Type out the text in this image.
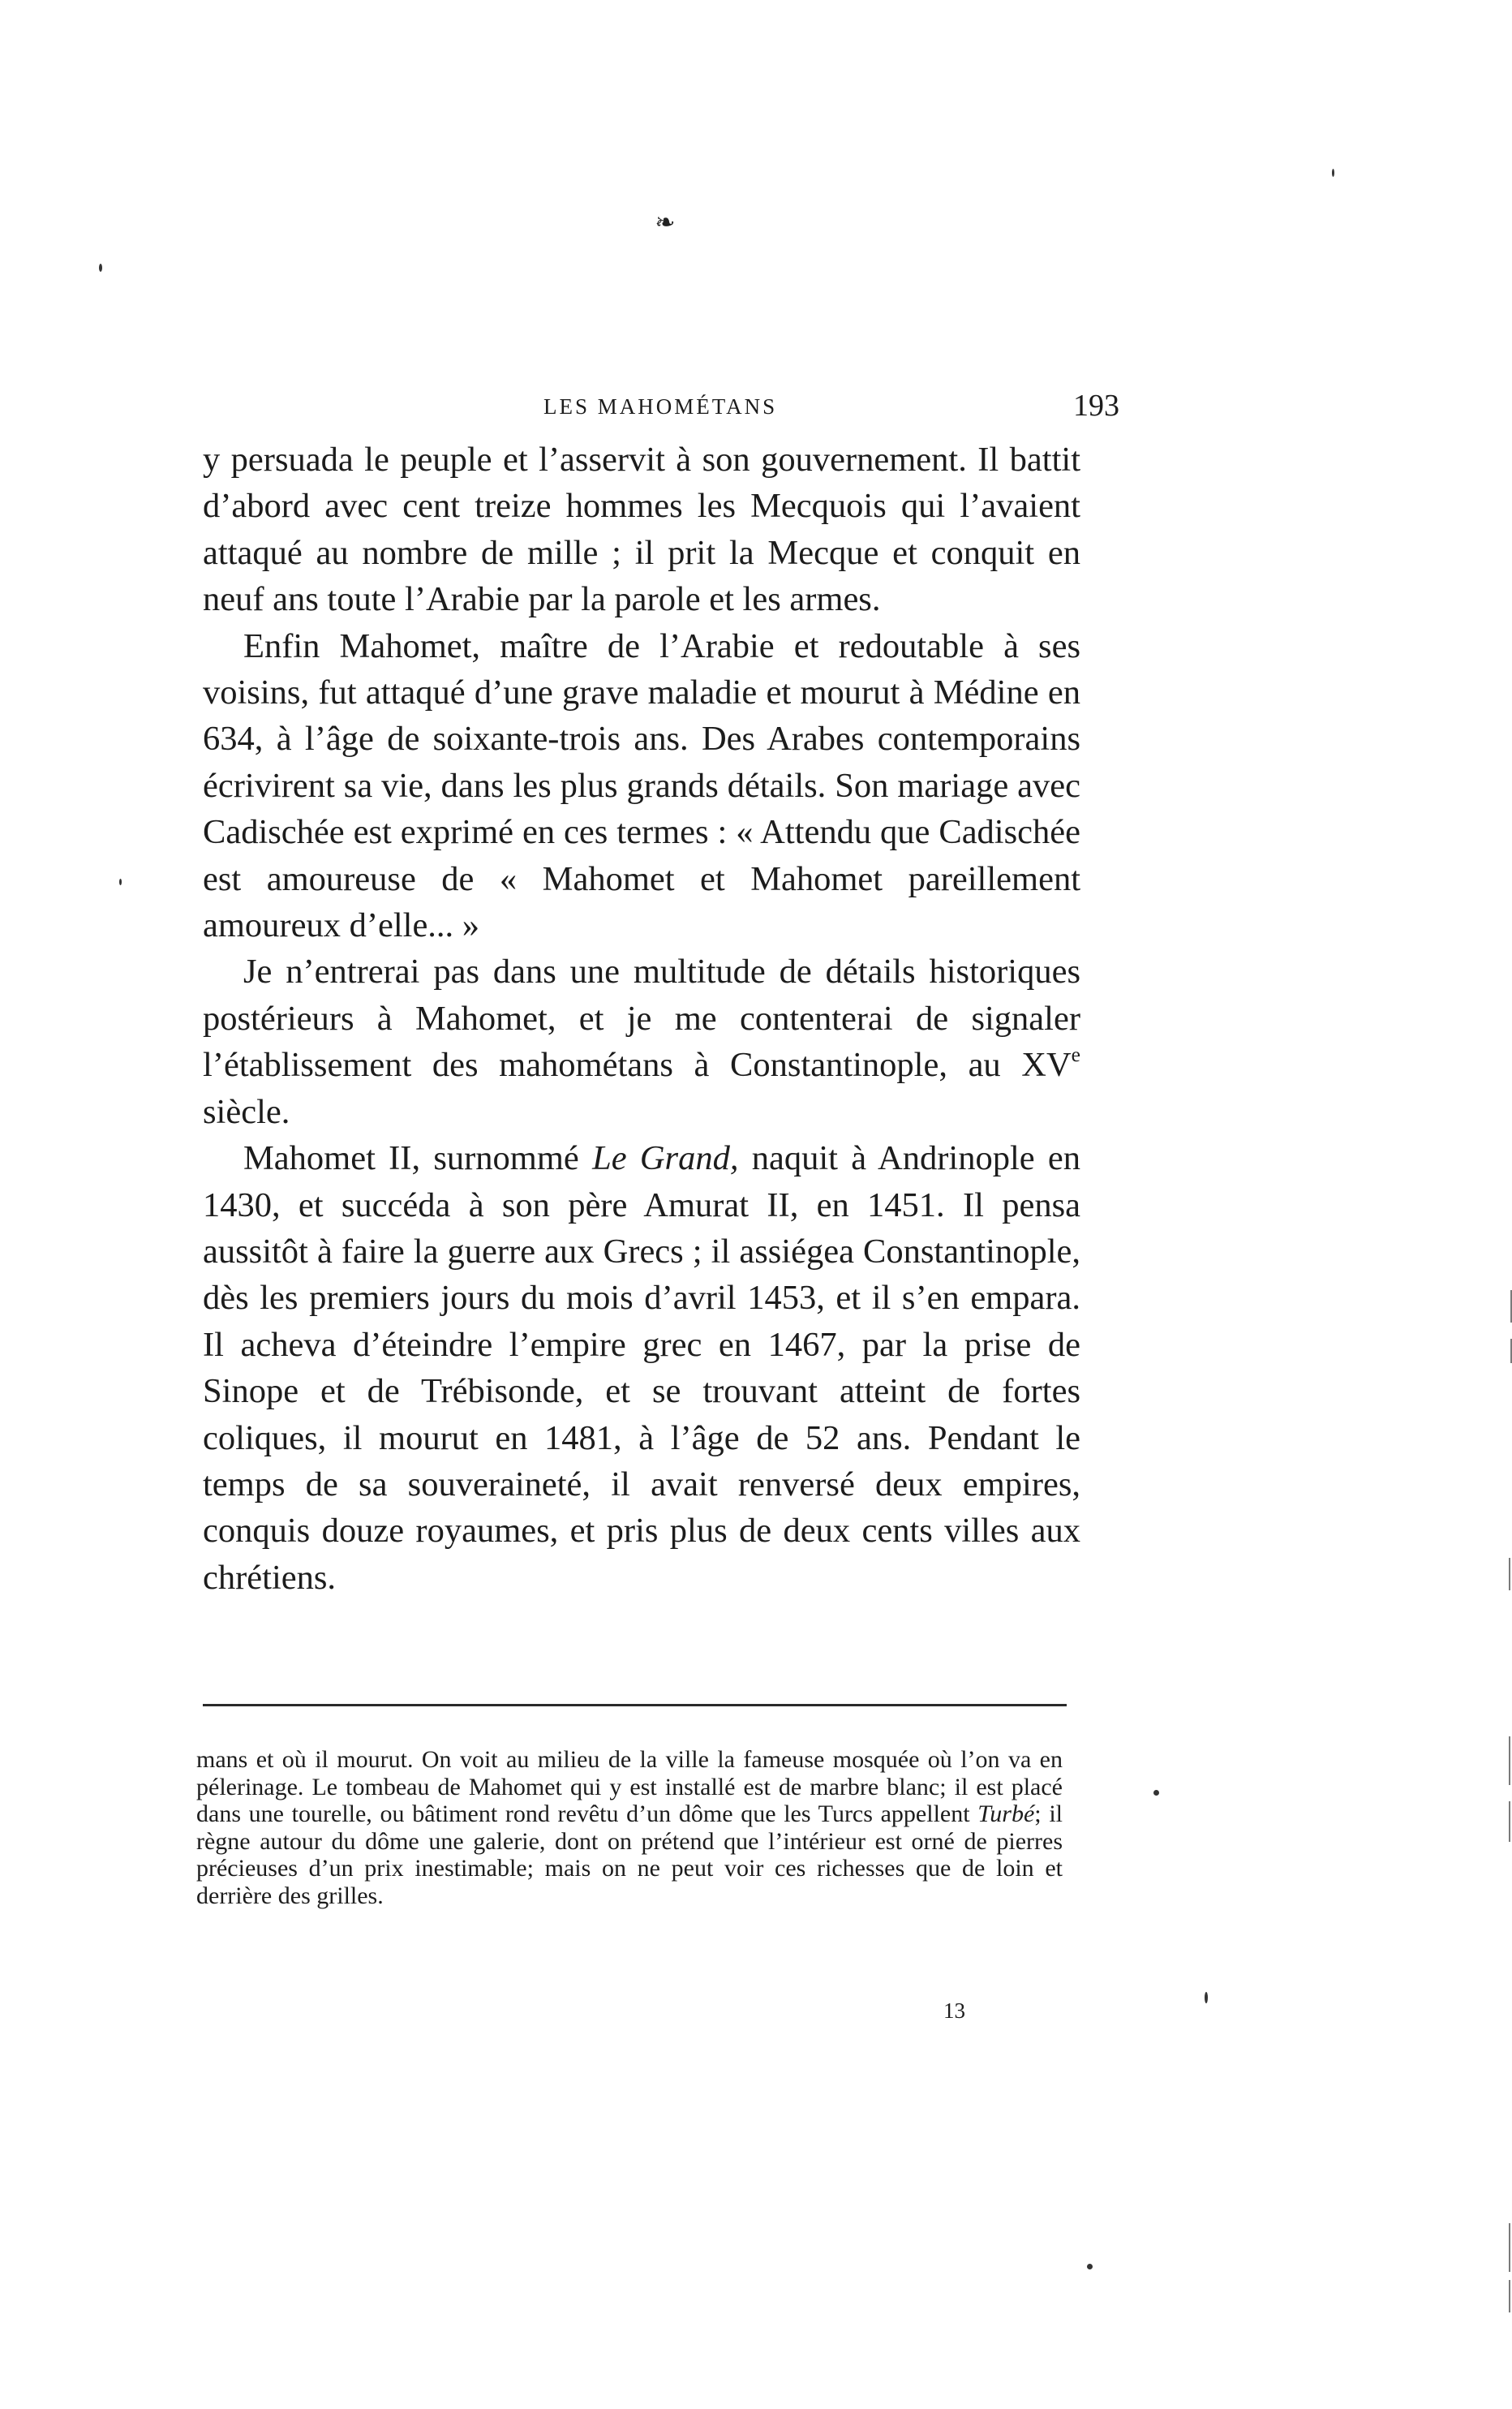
❧
LES MAHOMÉTANS	193

y persuada le peuple et l’asservit à son gouvernement. Il battit d’abord avec cent treize hommes les Mecquois qui l’avaient attaqué au nombre de mille ; il prit la Mecque et conquit en neuf ans toute l’Arabie par la parole et les armes.

Enfin Mahomet, maître de l’Arabie et redoutable à ses voisins, fut attaqué d’une grave maladie et mourut à Médine en 634, à l’âge de soixante-trois ans. Des Arabes contemporains écrivirent sa vie, dans les plus grands détails. Son mariage avec Cadischée est exprimé en ces termes : « Attendu que Cadischée est amoureuse de « Mahomet et Mahomet pareillement amoureux d’elle... »

Je n’entrerai pas dans une multitude de détails historiques postérieurs à Mahomet, et je me contenterai de signaler l’établissement des mahométans à Constantinople, au XVe siècle.

Mahomet II, surnommé Le Grand, naquit à Andrinople en 1430, et succéda à son père Amurat II, en 1451. Il pensa aussitôt à faire la guerre aux Grecs ; il assiégea Constantinople, dès les premiers jours du mois d’avril 1453, et il s’en empara. Il acheva d’éteindre l’empire grec en 1467, par la prise de Sinope et de Trébisonde, et se trouvant atteint de fortes coliques, il mourut en 1481, à l’âge de 52 ans. Pendant le temps de sa souveraineté, il avait renversé deux empires, conquis douze royaumes, et pris plus de deux cents villes aux chrétiens.

mans et où il mourut. On voit au milieu de la ville la fameuse mosquée où l’on va en pélerinage. Le tombeau de Mahomet qui y est installé est de marbre blanc; il est placé dans une tourelle, ou bâtiment rond revêtu d’un dôme que les Turcs appellent Turbé; il règne autour du dôme une galerie, dont on prétend que l’intérieur est orné de pierres précieuses d’un prix inestimable; mais on ne peut voir ces richesses que de loin et derrière des grilles.

13
